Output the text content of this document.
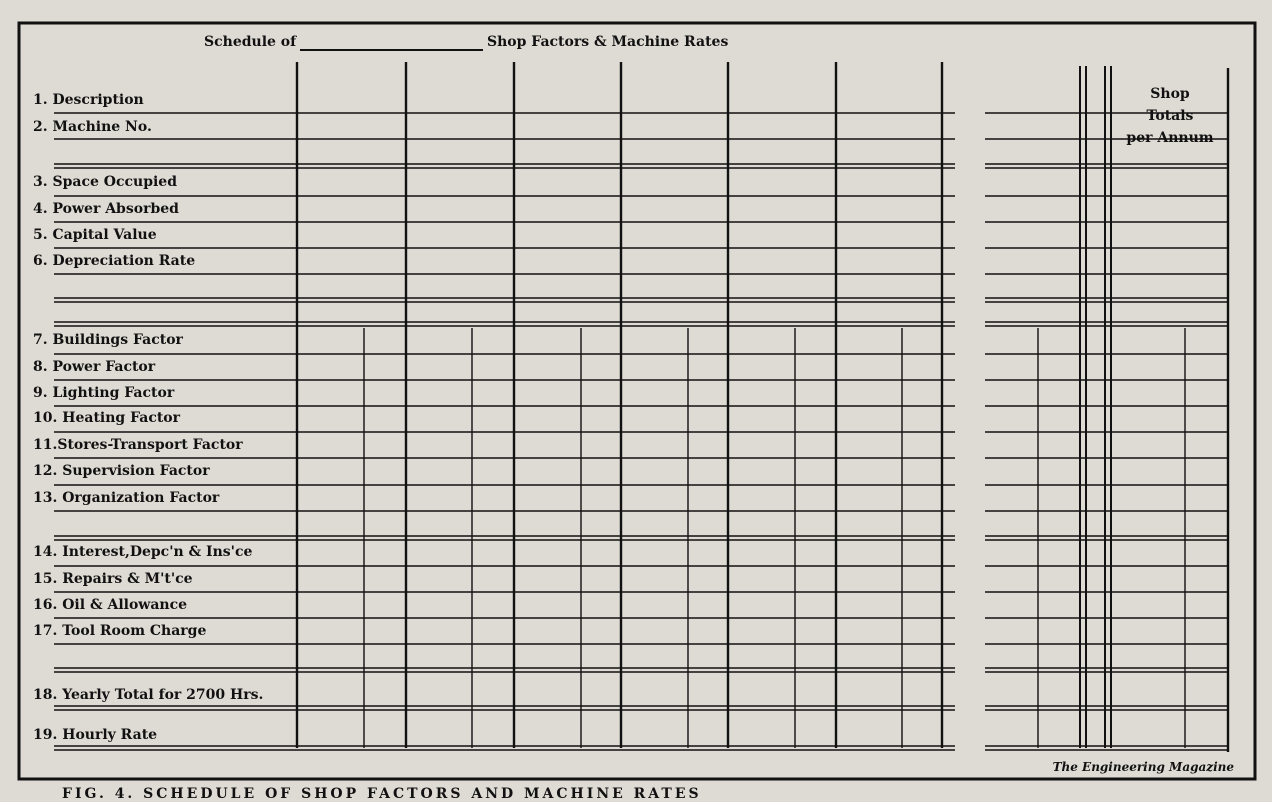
Schedule of	Shop Factors & Machine Rates
1. Description
2. Machine No.
3. Space Occupied
4. Power Absorbed
5. Capital Value
6. Depreciation Rate
7. Buildings Factor
8. Power Factor
9. Lighting Factor
10. Heating Factor
11.Stores-Transport Factor
12. Supervision Factor
13. Organization Factor
14. Interest,Depc'n & Ins'ce
15. Repairs & M't'ce
16. Oil & Allowance
17. Tool Room Charge
18. Yearly Total for 2700 Hrs.
19. Hourly Rate
Shop
Totals
per Annum
The Engineering Magazine
FIG. 4. SCHEDULE OF SHOP FACTORS AND MACHINE RATES
